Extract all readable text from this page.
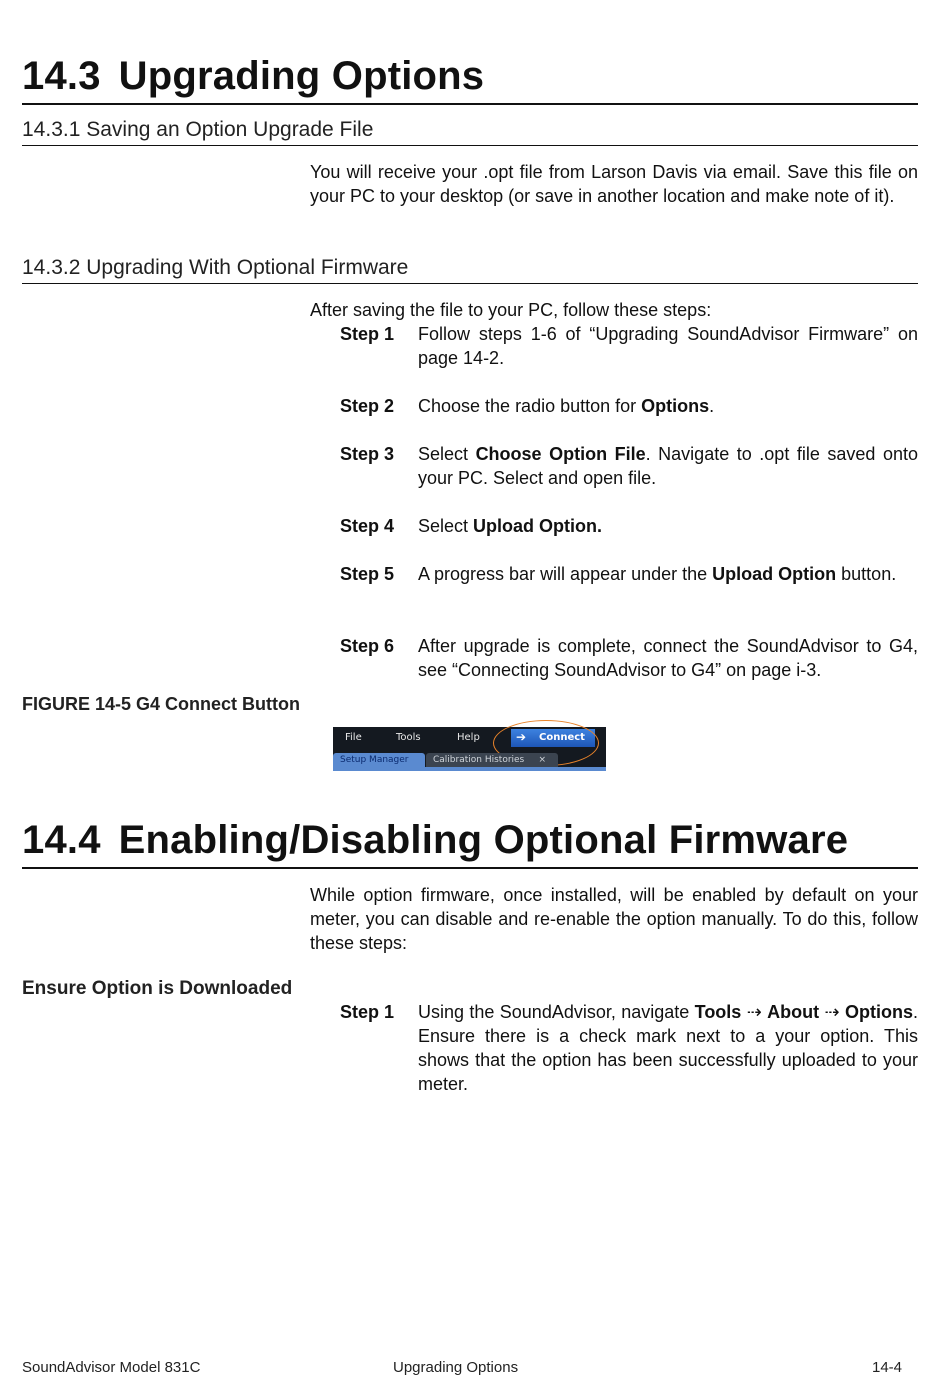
14.3 Upgrading Options
14.3.1 Saving an Option Upgrade File
You will receive your .opt file from Larson Davis via email. Save this file on your PC to your desktop (or save in another location and make note of it).
14.3.2 Upgrading With Optional Firmware
After saving the file to your PC, follow these steps:
Step 1 Follow steps 1-6 of “Upgrading SoundAdvisor Firmware” on page 14-2.
Step 2 Choose the radio button for Options.
Step 3 Select Choose Option File. Navigate to .opt file saved onto your PC. Select and open file.
Step 4 Select Upload Option.
Step 5 A progress bar will appear under the Upload Option button.
Step 6 After upgrade is complete, connect the SoundAdvisor to G4, see “Connecting SoundAdvisor to G4” on page i-3.
FIGURE 14-5 G4 Connect Button
File	Tools	Help	➔ Connect
Setup Manager	Calibration Histories ×
14.4 Enabling/Disabling Optional Firmware
While option firmware, once installed, will be enabled by default on your meter, you can disable and re-enable the option manually. To do this, follow these steps:
Ensure Option is Downloaded
Step 1 Using the SoundAdvisor, navigate Tools ⇢ About ⇢ Options. Ensure there is a check mark next to a your option. This shows that the option has been successfully uploaded to your meter.
SoundAdvisor Model 831C	Upgrading Options	14-4
